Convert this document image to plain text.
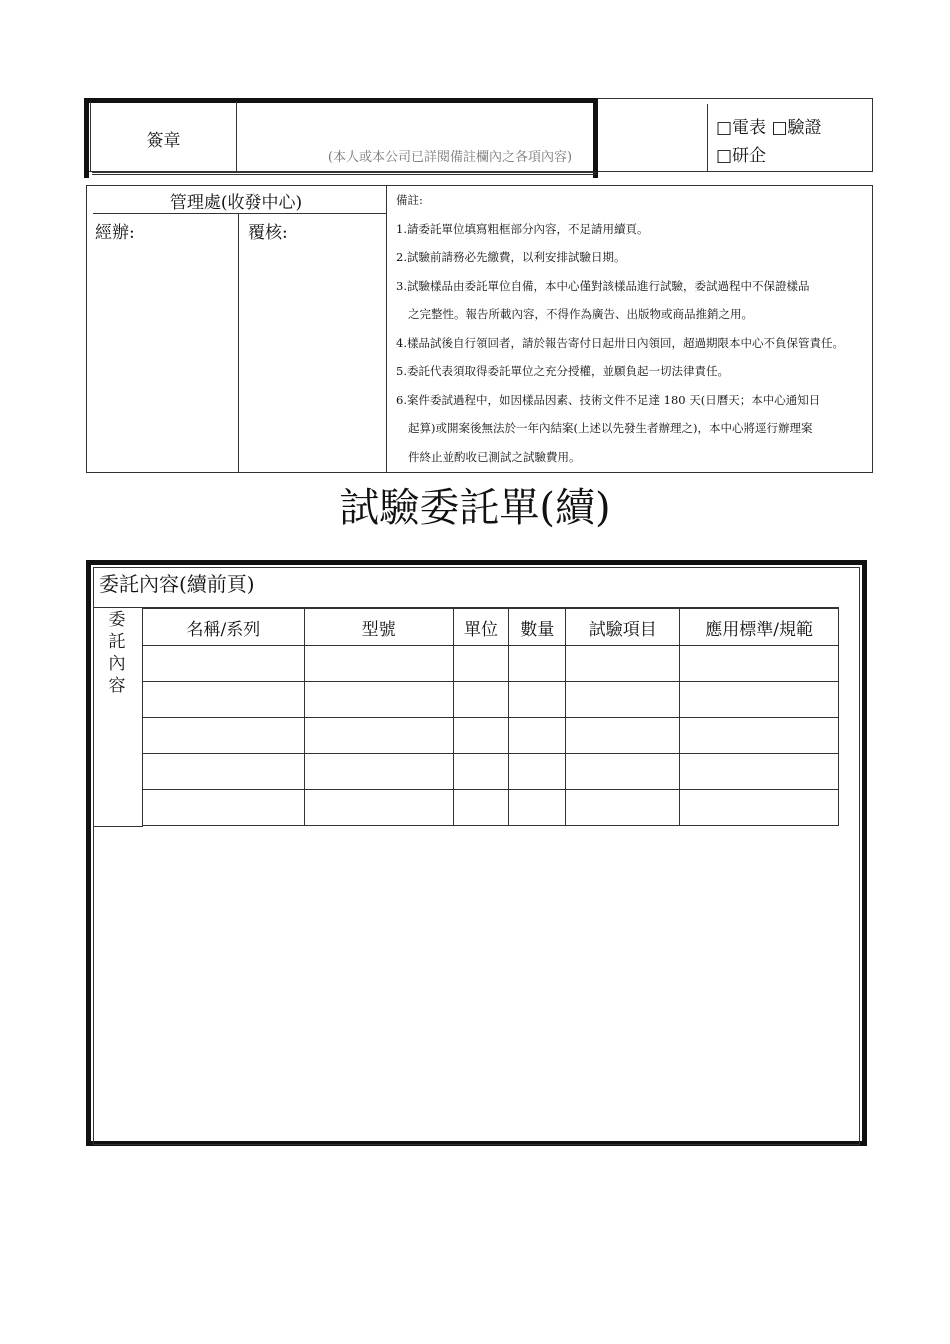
簽章
(本人或本公司已詳閱備註欄內之各項內容)
□電表 □驗證
□研企
管理處(收發中心)
經辦:	覆核:
備註:
1.請委託單位填寫粗框部分內容，不足請用續頁。
2.試驗前請務必先繳費，以利安排試驗日期。
3.試驗樣品由委託單位自備，本中心僅對該樣品進行試驗，委試過程中不保證樣品
之完整性。報告所載內容，不得作為廣告、出版物或商品推銷之用。
4.樣品試後自行領回者，請於報告寄付日起卅日內領回，超過期限本中心不負保管責任。
5.委託代表須取得委託單位之充分授權，並願負起一切法律責任。
6.案件委試過程中，如因樣品因素、技術文件不足達 180 天(日曆天；本中心通知日
起算)或開案後無法於一年內結案(上述以先發生者辦理之)，本中心將逕行辦理案
件終止並酌收已測試之試驗費用。
試驗委託單(續)
委託內容(續前頁)
委
託
內
容
名稱/系列	型號	單位	數量	試驗項目	應用標準/規範
